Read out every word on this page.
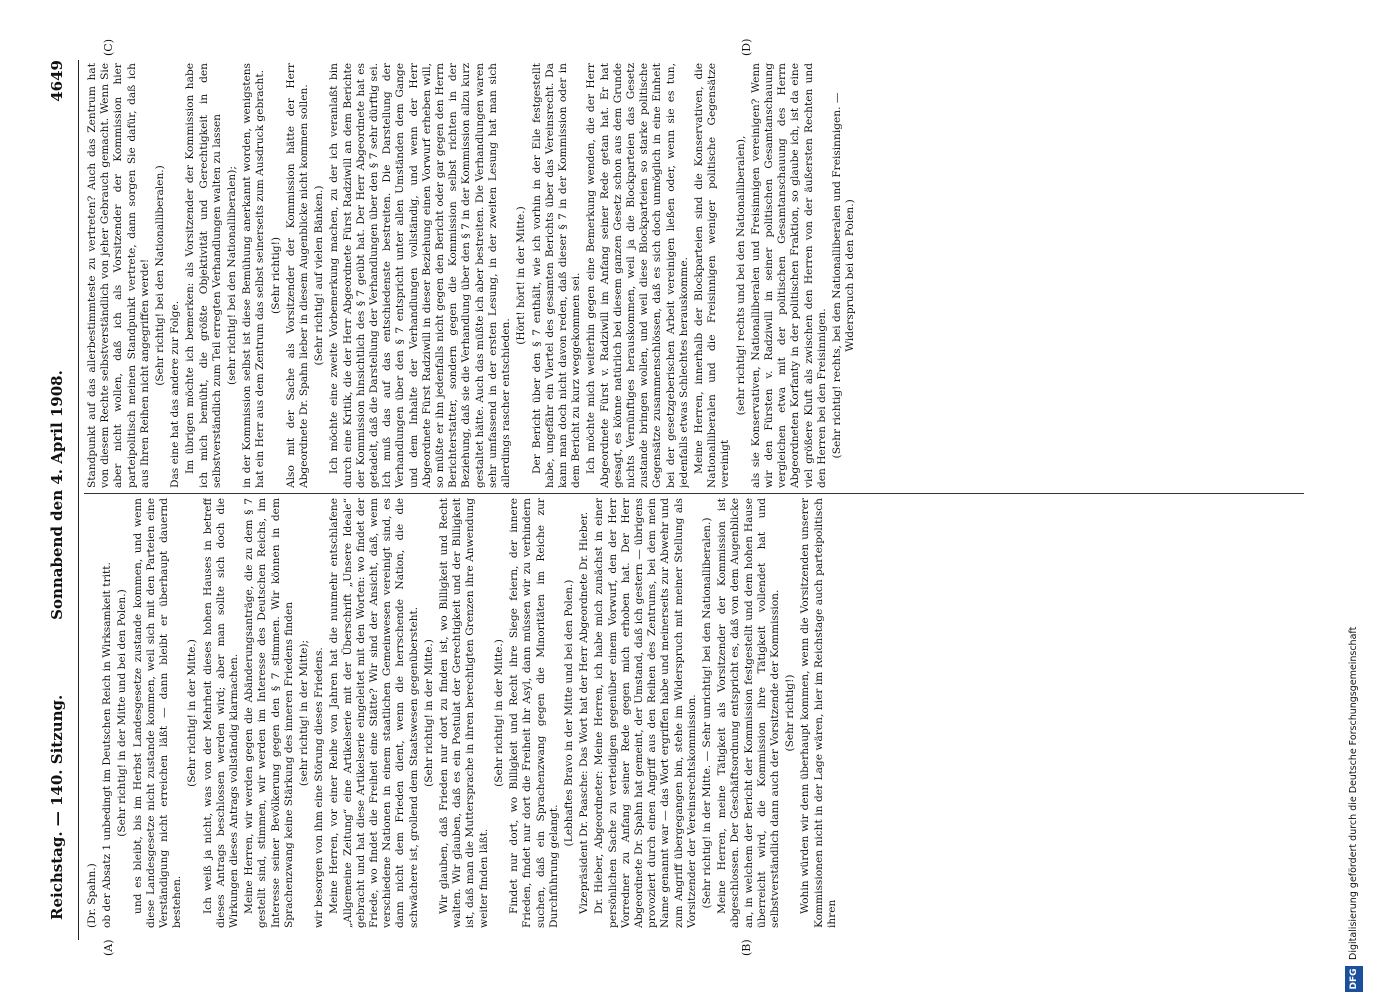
Reichstag. — 140. Sitzung.
Sonnabend den 4. April 1908.
4649
(A)	(B)
(C)	(D)

(Dr. Spahn.) ob der Absatz 1 unbedingt im Deutschen Reich in Wirksamkeit tritt. (Sehr richtig! in der Mitte und bei den Polen.) und es bleibt, bis im Herbst Landesgesetze zustande kommen, und wenn diese Landesgesetze nicht zustande kommen, weil sich mit den Parteien eine Verständigung nicht erreichen läßt — dann bleibt er überhaupt dauernd bestehen.

(Sehr richtig! in der Mitte.) Ich weiß ja nicht, was von der Mehrheit dieses hohen Hauses in betreff dieses Antrags beschlossen werden wird; aber man sollte sich doch die Wirkungen dieses Antrags vollständig klarmachen. Meine Herren, wir werden gegen die Abänderungsanträge, die zu dem § 7 gestellt sind, stimmen, wir werden im Interesse des Deutschen Reichs, im Interesse seiner Bevölkerung gegen den § 7 stimmen. Wir können in dem Sprachenzwang keine Stärkung des inneren Friedens finden (sehr richtig! in der Mitte); wir besorgen von ihm eine Störung dieses Friedens. Meine Herren, vor einer Reihe von Jahren hat die nunmehr entschlafene „Allgemeine Zeitung“ eine Artikelserie mit der Überschrift „Unsere Ideale“ gebracht und hat diese Artikelserie eingeleitet mit den Worten: wo findet der Friede, wo findet die Freiheit eine Stätte? Wir sind der Ansicht, daß, wenn verschiedene Nationen in einem staatlichen Gemeinwesen vereinigt sind, es dann nicht dem Frieden dient, wenn die herrschende Nation, die die schwächere ist, grollend dem Staatswesen gegenübersteht. (Sehr richtig! in der Mitte.) Wir glauben, daß Frieden nur dort zu finden ist, wo Billigkeit und Recht walten. Wir glauben, daß es ein Postulat der Gerechtigkeit und der Billigkeit ist, daß man die Muttersprache in ihren berechtigten Grenzen ihre Anwendung weiter finden läßt.

(Sehr richtig! in der Mitte.) Findet nur dort, wo Billigkeit und Recht ihre Siege feiern, der innere Frieden, findet nur dort die Freiheit ihr Asyl, dann müssen wir zu verhindern suchen, daß ein Sprachenzwang gegen die Minoritäten im Reiche zur Durchführung gelangt.

(Lebhaftes Bravo in der Mitte und bei den Polen.) Vizepräsident Dr. Paasche: Das Wort hat der Herr Abgeordnete Dr. Hieber. Dr. Hieber, Abgeordneter: Meine Herren, ich habe mich zunächst in einer persönlichen Sache zu verteidigen gegenüber einem Vorwurf, den der Herr Vorredner zu Anfang seiner Rede gegen mich erhoben hat. Der Herr Abgeordnete Dr. Spahn hat gemeint, der Umstand, daß ich gestern — übrigens provoziert durch einen Angriff aus den Reihen des Zentrums, bei dem mein Name genannt war — das Wort ergriffen habe und meinerseits zur Abwehr und zum Angriff übergegangen bin, stehe im Widerspruch mit meiner Stellung als Vorsitzender der Vereinsrechtskommission. (Sehr richtig! in der Mitte. — Sehr unrichtig! bei den Nationalliberalen.) Meine Herren, meine Tätigkeit als Vorsitzender der Kommission ist abgeschlossen. Der Geschäftsordnung entspricht es, daß von dem Augenblicke an, in welchem der Bericht der Kommission festgestellt und dem hohen Hause überreicht wird, die Kommission ihre Tätigkeit vollendet hat und selbstverständlich dann auch der Vorsitzende der Kommission. (Sehr richtig!) Wohin würden wir denn überhaupt kommen, wenn die Vorsitzenden unserer Kommissionen nicht in der Lage wären, hier im Reichstage auch parteipolitisch ihren

Standpunkt auf das allerbestimmteste zu vertreten? Auch das Zentrum hat von diesem Rechte selbstverständlich von jeher Gebrauch gemacht. Wenn Sie aber nicht wollen, daß ich als Vorsitzender der Kommission hier parteipolitisch meinen Standpunkt vertrete, dann sorgen Sie dafür, daß ich aus Ihren Reihen nicht angegriffen werde! (Sehr richtig! bei den Nationalliberalen.)

Das eine hat das andere zur Folge. Im übrigen möchte ich bemerken: als Vorsitzender der Kommission habe ich mich bemüht, die größte Objektivität und Gerechtigkeit in den selbstverständlich zum Teil erregten Verhandlungen walten zu lassen (sehr richtig! bei den Nationalliberalen); in der Kommission selbst ist diese Bemühung anerkannt worden, wenigstens hat ein Herr aus dem Zentrum das selbst seinerseits zum Ausdruck gebracht. (Sehr richtig!) Also mit der Sache als Vorsitzender der Kommission hätte der Herr Abgeordnete Dr. Spahn lieber in diesem Augenblicke nicht kommen sollen. (Sehr richtig! auf vielen Bänken.) Ich möchte eine zweite Vorbemerkung machen, zu der ich veranlaßt bin durch eine Kritik, die der Herr Abgeordnete Fürst Radziwill an dem Berichte der Kommission hinsichtlich des § 7 geübt hat. Der Herr Abgeordnete hat es getadelt, daß die Darstellung der Verhandlungen über den § 7 sehr dürftig sei. Ich muß das auf das entschiedenste bestreiten. Die Darstellung der Verhandlungen über den § 7 entspricht unter allen Umständen dem Gange und dem Inhalte der Verhandlungen vollständig, und wenn der Herr Abgeordnete Fürst Radziwill in dieser Beziehung einen Vorwurf erheben will, so müßte er ihn jedenfalls nicht gegen den Bericht oder gar gegen den Herrn Berichterstatter, sondern gegen die Kommission selbst richten in der Beziehung, daß sie die Verhandlung über den § 7 in der Kommission allzu kurz gestaltet hätte. Auch das müßte ich aber bestreiten. Die Verhandlungen waren sehr umfassend in der ersten Lesung, in der zweiten Lesung hat man sich allerdings rascher entschieden.

(Hört! hört! in der Mitte.) Der Bericht über den § 7 enthält, wie ich vorhin in der Eile festgestellt habe, ungefähr ein Viertel des gesamten Berichts über das Vereinsrecht. Da kann man doch nicht davon reden, daß dieser § 7 in der Kommission oder in dem Bericht zu kurz weggekommen sei. Ich möchte mich weiterhin gegen eine Bemerkung wenden, die der Herr Abgeordnete Fürst v. Radziwill im Anfang seiner Rede getan hat. Er hat gesagt, es könne natürlich bei diesem ganzen Gesetz schon aus dem Grunde nichts Vernünftiges herauskommen, weil ja die Blockparteien das Gesetz zustande bringen wollen, und weil diese Blockparteien so starke politische Gegensätze zusammenschlössen, daß es sich doch unmöglich in eine Einheit bei der gesetzgeberischen Arbeit vereinigen ließen oder, wenn sie es tun, jedenfalls etwas Schlechtes herauskomme. Meine Herren, innerhalb der Blockparteien sind die Konservativen, die Nationalliberalen und die Freisinnigen weniger politische Gegensätze vereinigt

(sehr richtig! rechts und bei den Nationalliberalen), als sie Konservativen, Nationalliberalen und Freisinnigen vereinigen? Wenn wir den Fürsten v. Radziwill in seiner politischen Gesamtanschauung vergleichen etwa mit der politischen Gesamtanschauung des Herrn Abgeordneten Korfanty in der politischen Fraktion, so glaube ich, ist da eine viel größere Kluft als zwischen den Herren von der äußersten Rechten und den Herren bei den Freisinnigen. (Sehr richtig! rechts, bei den Nationalliberalen und Freisinnigen. — Widerspruch bei den Polen.)

DFG
Digitalisierung gefördert durch die Deutsche Forschungsgemeinschaft
